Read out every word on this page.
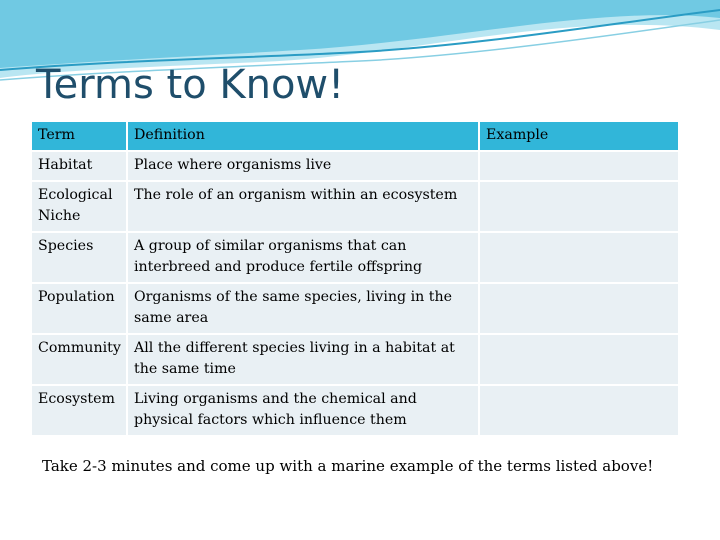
Terms to Know!
Term	Definition	Example
Habitat	Place where organisms live	
Ecological Niche	The role of an organism within an ecosystem	
Species	A group of similar organisms that can interbreed and produce fertile offspring	
Population	Organisms of the same species, living in the same area	
Community	All the different species living in a habitat at the same time	
Ecosystem	Living organisms and the chemical and physical factors which influence them	
Take 2-3 minutes and come up with a marine example of the terms listed above!
